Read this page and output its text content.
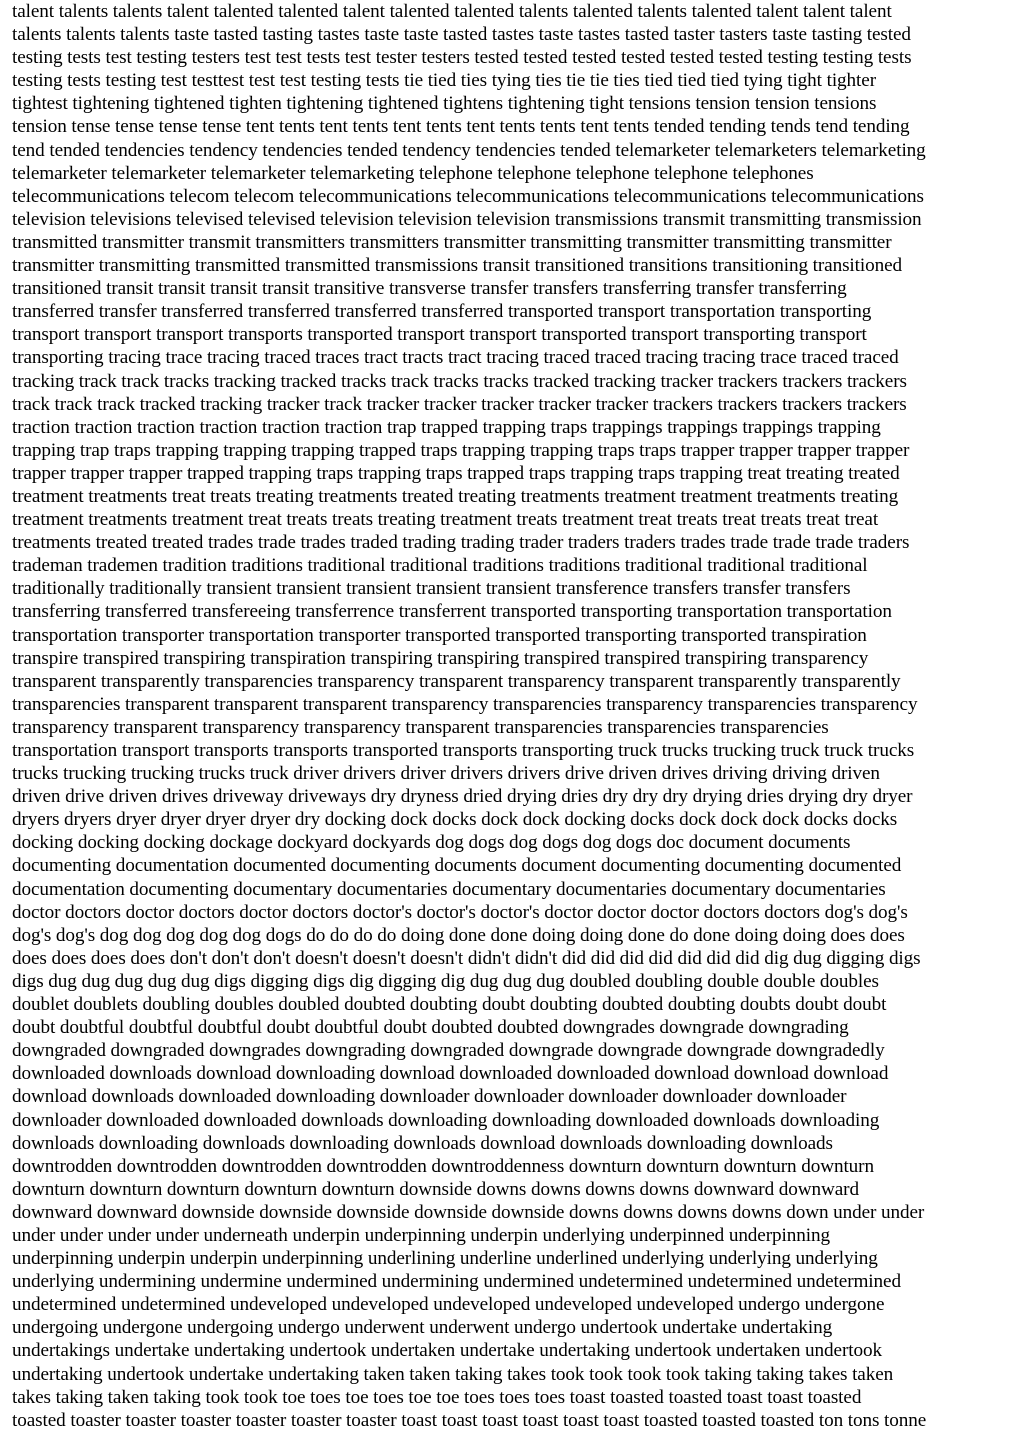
talent talents talents talent talented talented talent talented talented talents talented talents talented talent talent talent
talents talents talents taste tasted tasting tastes taste taste tasted tastes taste tastes tasted taster tasters taste tasting tested
testing tests test testing testers test test tests test tester testers tested tested tested tested tested tested testing testing tests
testing tests testing test testtest test test testing tests tie tied ties tying ties tie tie ties tied tied tied tying tight tighter
tightest tightening tightened tighten tightening tightened tightens tightening tight tensions tension tension tensions
tension tense tense tense tense tent tents tent tents tent tents tent tents tents tent tents tended tending tends tend tending
tend tended tendencies tendency tendencies tended tendency tendencies tended telemarketer telemarketers telemarketing
telemarketer telemarketer telemarketer telemarketing telephone telephone telephone telephone telephones
telecommunications telecom telecom telecommunications telecommunications telecommunications telecommunications
television televisions televised televised television television television transmissions transmit transmitting transmission
transmitted transmitter transmit transmitters transmitters transmitter transmitting transmitter transmitting transmitter
transmitter transmitting transmitted transmitted transmissions transit transitioned transitions transitioning transitioned
transitioned transit transit transit transit transitive transverse transfer transfers transferring transfer transferring
transferred transfer transferred transferred transferred transferred transported transport transportation transporting
transport transport transport transports transported transport transport transported transport transporting transport
transporting tracing trace tracing traced traces tract tracts tract tracing traced traced tracing tracing trace traced traced
tracking track track tracks tracking tracked tracks track tracks tracks tracked tracking tracker trackers trackers trackers
track track track tracked tracking tracker track tracker tracker tracker tracker tracker trackers trackers trackers trackers
traction traction traction traction traction traction trap trapped trapping traps trappings trappings trappings trapping
trapping trap traps trapping trapping trapping trapped traps trapping trapping traps traps trapper trapper trapper trapper
trapper trapper trapper trapped trapping traps trapping traps trapped traps trapping traps trapping treat treating treated
treatment treatments treat treats treating treatments treated treating treatments treatment treatment treatments treating
treatment treatments treatment treat treats treats treating treatment treats treatment treat treats treat treats treat treat
treatments treated treated trades trade trades traded trading trading trader traders traders trades trade trade trade traders
trademan trademen tradition traditions traditional traditional traditions traditions traditional traditional traditional
traditionally traditionally transient transient transient transient transient transference transfers transfer transfers
transferring transferred transfereeing transferrence transferrent transported transporting transportation transportation
transportation transporter transportation transporter transported transported transporting transported transpiration
transpire transpired transpiring transpiration transpiring transpiring transpired transpired transpiring transparency
transparent transparently transparencies transparency transparent transparency transparent transparently transparently
transparencies transparent transparent transparent transparency transparencies transparency transparencies transparency
transparency transparent transparency transparency transparent transparencies transparencies transparencies
transportation transport transports transports transported transports transporting truck trucks trucking truck truck trucks
trucks trucking trucking trucks truck driver drivers driver drivers drivers drive driven drives driving driving driven
driven drive driven drives driveway driveways dry dryness dried drying dries dry dry dry drying dries drying dry dryer
dryers dryers dryer dryer dryer dryer dry docking dock docks dock dock docking docks dock dock dock docks docks
docking docking docking dockage dockyard dockyards dog dogs dog dogs dog dogs doc document documents
documenting documentation documented documenting documents document documenting documenting documented
documentation documenting documentary documentaries documentary documentaries documentary documentaries
doctor doctors doctor doctors doctor doctors doctor's doctor's doctor's doctor doctor doctor doctors doctors dog's dog's
dog's dog's dog dog dog dog dog dogs do do do do doing done done doing doing done do done doing doing does does
does does does does don't don't don't doesn't doesn't doesn't didn't didn't did did did did did did did dig dug digging digs
digs dug dug dug dug dug digs digging digs dig digging dig dug dug dug doubled doubling double double doubles
doublet doublets doubling doubles doubled doubted doubting doubt doubting doubted doubting doubts doubt doubt
doubt doubtful doubtful doubtful doubt doubtful doubt doubted doubted downgrades downgrade downgrading
downgraded downgraded downgrades downgrading downgraded downgrade downgrade downgrade downgradedly
downloaded downloads download downloading download downloaded downloaded download download download
download downloads downloaded downloading downloader downloader downloader downloader downloader
downloader downloaded downloaded downloads downloading downloading downloaded downloads downloading
downloads downloading downloads downloading downloads download downloads downloading downloads
downtrodden downtrodden downtrodden downtrodden downtroddenness downturn downturn downturn downturn
downturn downturn downturn downturn downturn downside downs downs downs downs downward downward
downward downward downside downside downside downside downside downs downs downs downs down under under
under under under under underneath underpin underpinning underpin underlying underpinned underpinning
underpinning underpin underpin underpinning underlining underline underlined underlying underlying underlying
underlying undermining undermine undermined undermining undermined undetermined undetermined undetermined
undetermined undetermined undeveloped undeveloped undeveloped undeveloped undeveloped undergo undergone
undergoing undergone undergoing undergo underwent underwent undergo undertook undertake undertaking
undertakings undertake undertaking undertook undertaken undertake undertaking undertook undertaken undertook
undertaking undertook undertake undertaking taken taken taking takes took took took took taking taking takes taken
takes taking taken taking took took toe toes toe toes toe toe toes toes toes toast toasted toasted toast toast toasted
toasted toaster toaster toaster toaster toaster toaster toast toast toast toast toast toast toasted toasted toasted ton tons tonne
